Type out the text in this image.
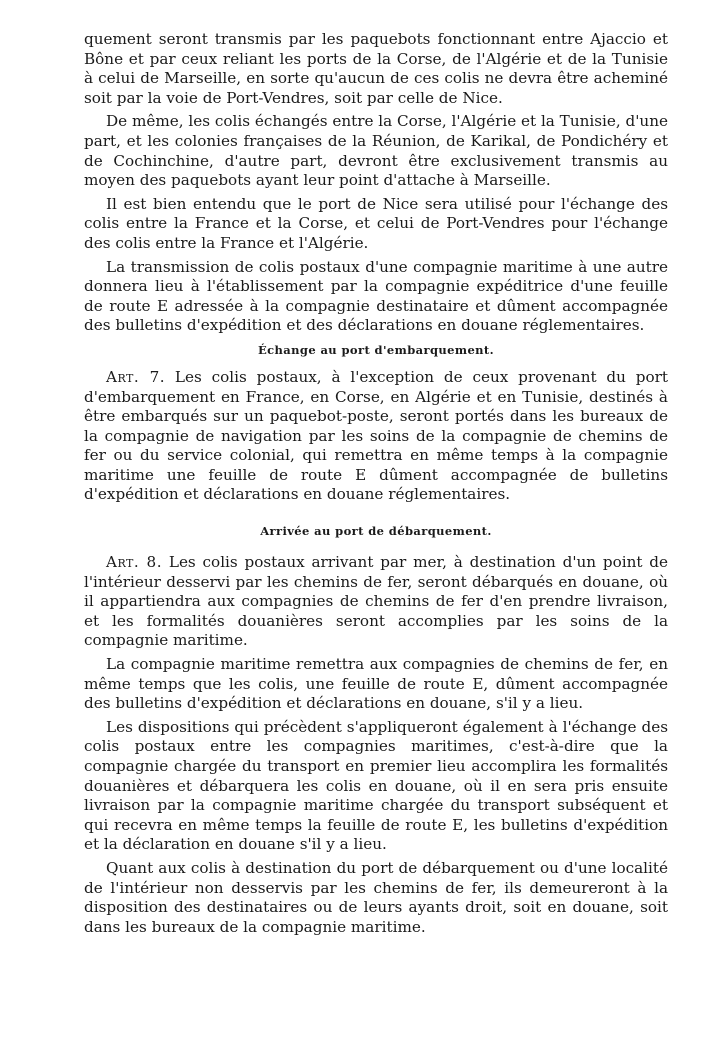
quement seront transmis par les paquebots fonctionnant entre Ajaccio et Bône et par ceux reliant les ports de la Corse, de l'Algérie et de la Tunisie à celui de Marseille, en sorte qu'aucun de ces colis ne devra être acheminé soit par la voie de Port-Vendres, soit par celle de Nice.

De même, les colis échangés entre la Corse, l'Algérie et la Tunisie, d'une part, et les colonies françaises de la Réunion, de Karikal, de Pondichéry et de Cochinchine, d'autre part, devront être exclusivement transmis au moyen des paquebots ayant leur point d'attache à Marseille.

Il est bien entendu que le port de Nice sera utilisé pour l'échange des colis entre la France et la Corse, et celui de Port-Vendres pour l'échange des colis entre la France et l'Algérie.

La transmission de colis postaux d'une compagnie maritime à une autre donnera lieu à l'établissement par la compagnie expéditrice d'une feuille de route E adressée à la compagnie destinataire et dûment accompagnée des bulletins d'expédition et des déclarations en douane réglementaires.

Échange au port d'embarquement.

Art. 7. Les colis postaux, à l'exception de ceux provenant du port d'embarquement en France, en Corse, en Algérie et en Tunisie, destinés à être embarqués sur un paquebot-poste, seront portés dans les bureaux de la compagnie de navigation par les soins de la compagnie de chemins de fer ou du service colonial, qui remettra en même temps à la compagnie maritime une feuille de route E dûment accompagnée de bulletins d'expédition et déclarations en douane réglementaires.

Arrivée au port de débarquement.

Art. 8. Les colis postaux arrivant par mer, à destination d'un point de l'intérieur desservi par les chemins de fer, seront débarqués en douane, où il appartiendra aux compagnies de chemins de fer d'en prendre livraison, et les formalités douanières seront accomplies par les soins de la compagnie maritime.

La compagnie maritime remettra aux compagnies de chemins de fer, en même temps que les colis, une feuille de route E, dûment accompagnée des bulletins d'expédition et déclarations en douane, s'il y a lieu.

Les dispositions qui précèdent s'appliqueront également à l'échange des colis postaux entre les compagnies maritimes, c'est-à-dire que la compagnie chargée du transport en premier lieu accomplira les formalités douanières et débarquera les colis en douane, où il en sera pris ensuite livraison par la compagnie maritime chargée du transport subséquent et qui recevra en même temps la feuille de route E, les bulletins d'expédition et la déclaration en douane s'il y a lieu.

Quant aux colis à destination du port de débarquement ou d'une localité de l'intérieur non desservis par les chemins de fer, ils demeureront à la disposition des destinataires ou de leurs ayants droit, soit en douane, soit dans les bureaux de la compagnie maritime.
